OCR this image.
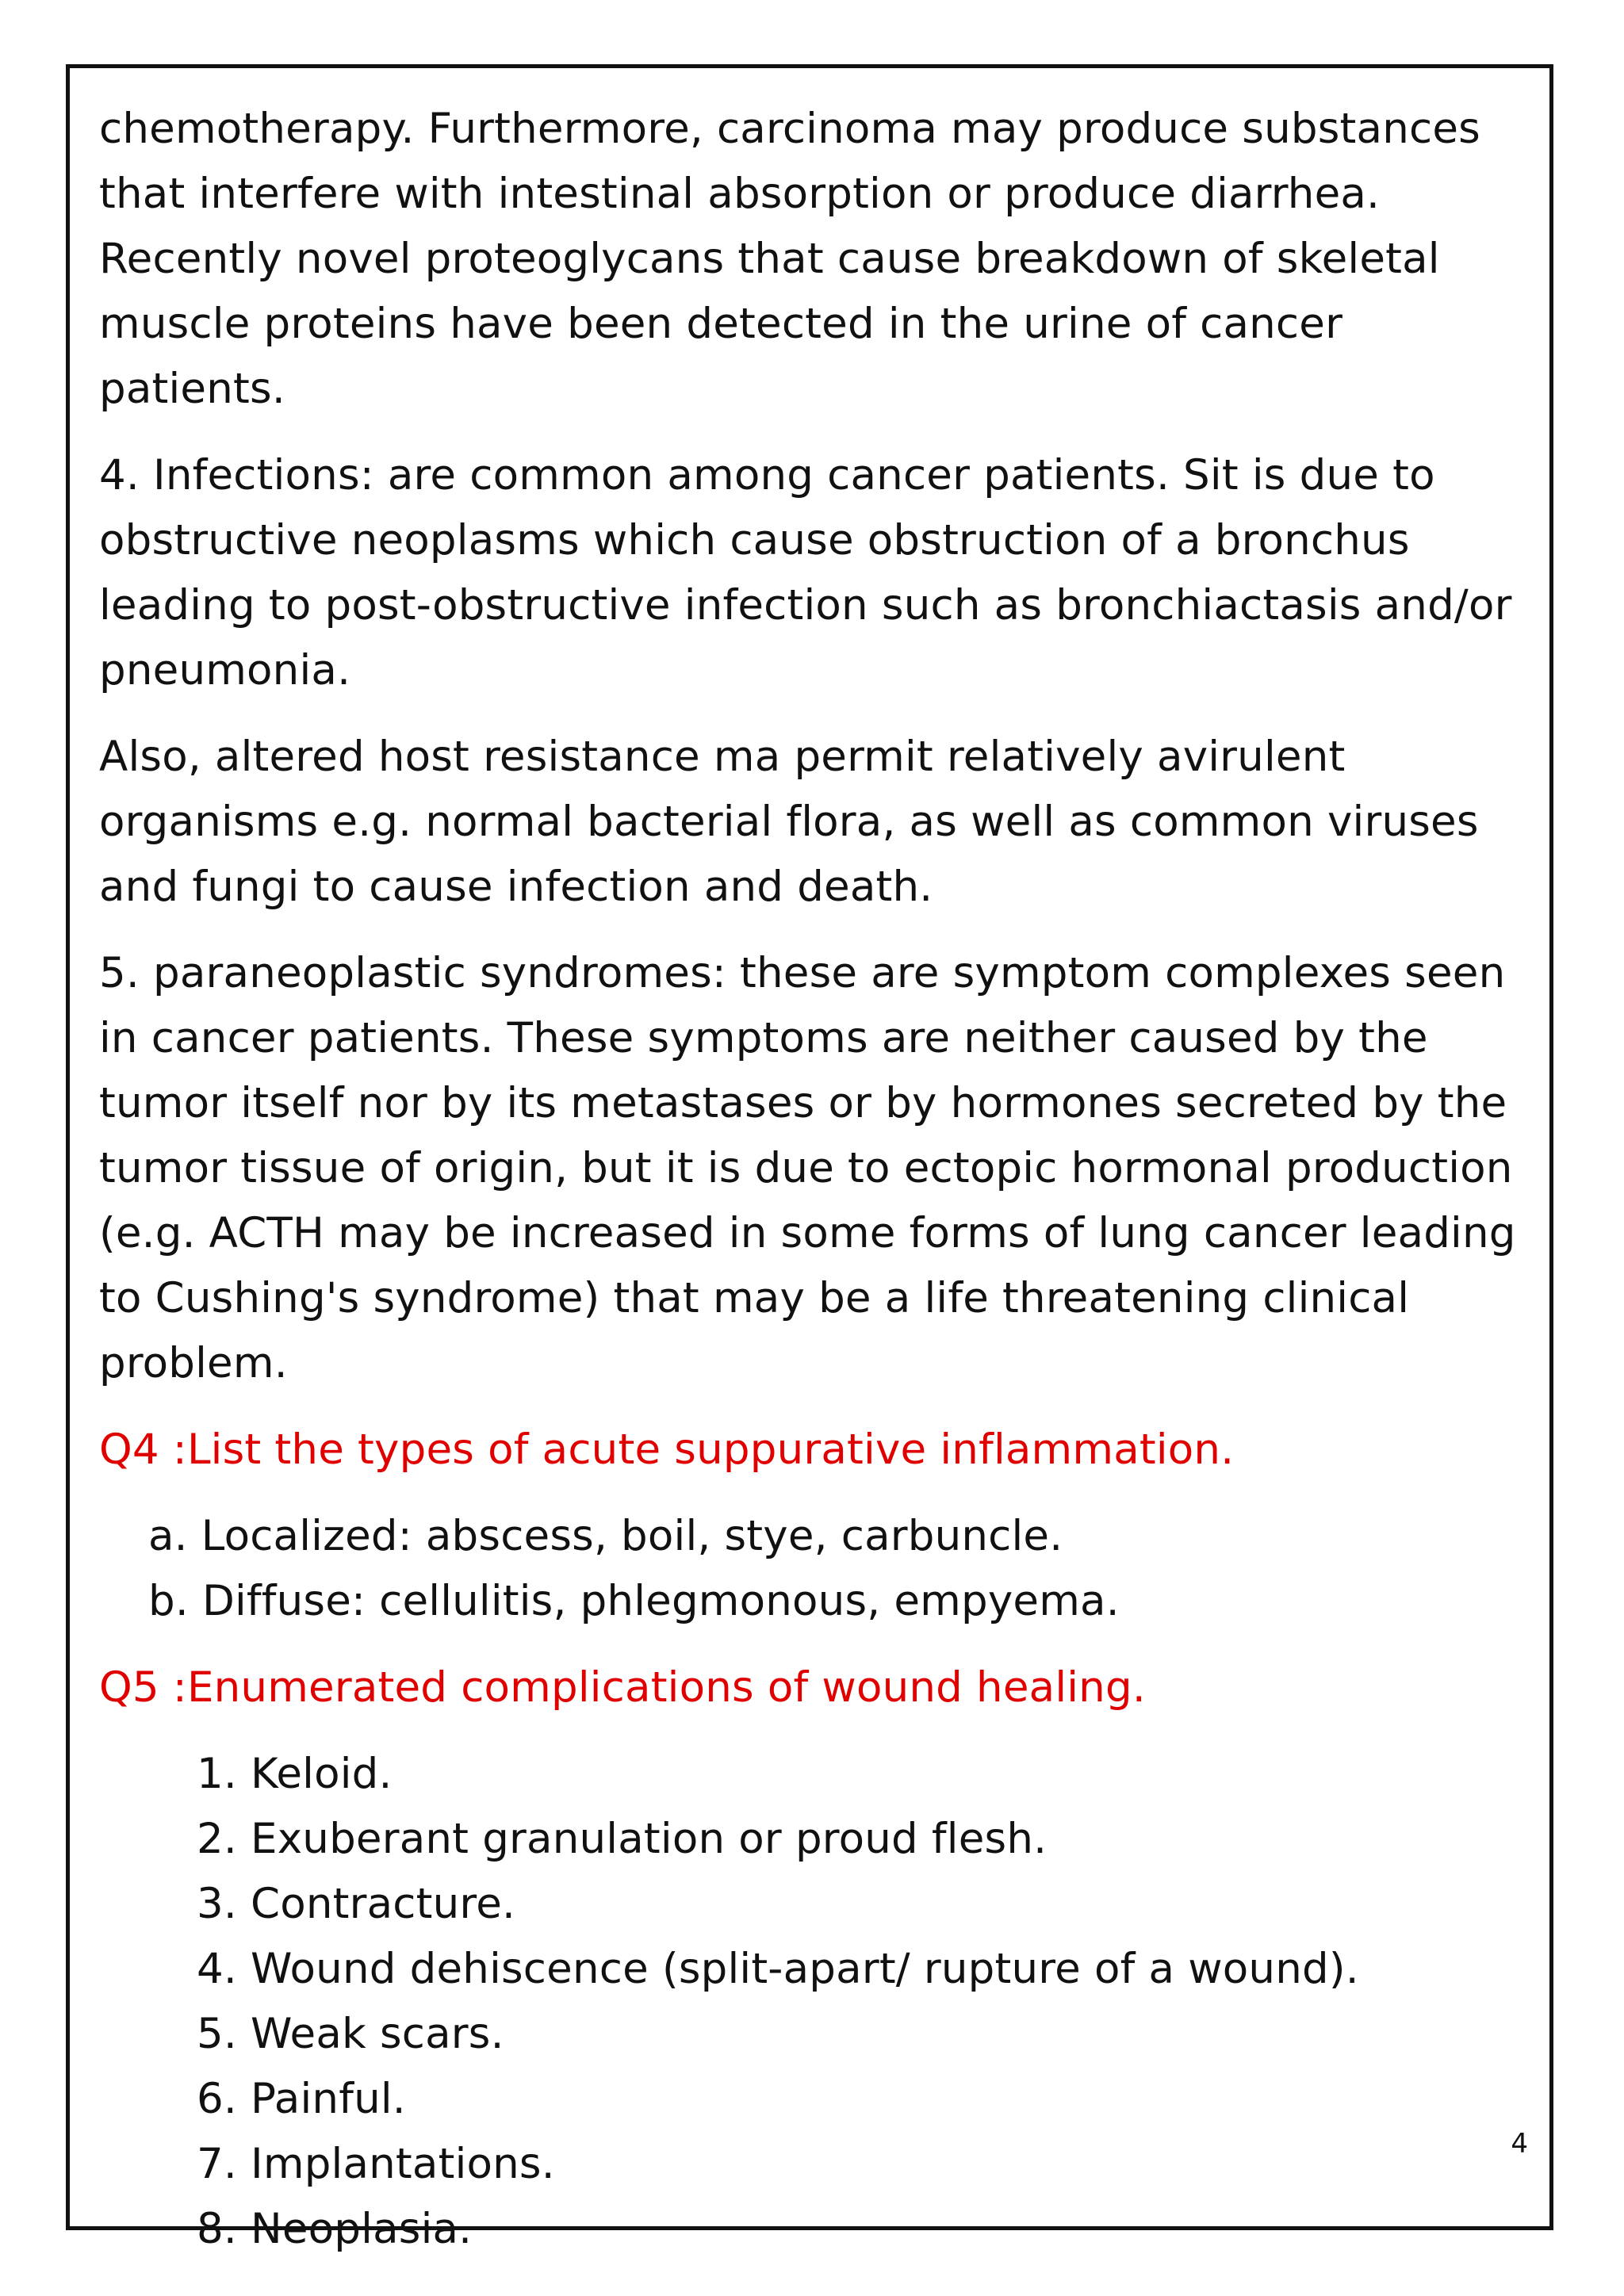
chemotherapy. Furthermore, carcinoma may produce substances that interfere with intestinal absorption or produce diarrhea. Recently novel proteoglycans that cause breakdown of skeletal muscle proteins have been detected in the urine of cancer patients.

4. Infections: are common among cancer patients. Sit is due to obstructive neoplasms which cause obstruction of a bronchus leading to post-obstructive infection such as bronchiactasis and/or pneumonia.

Also, altered host resistance ma permit relatively avirulent organisms e.g. normal bacterial flora, as well as common viruses and fungi to cause infection and death.

5. paraneoplastic syndromes: these are symptom complexes seen in cancer patients. These symptoms are neither caused by the tumor itself nor by its metastases or by hormones secreted by the tumor tissue of origin, but it is due to ectopic hormonal production (e.g. ACTH may be increased in some forms of lung cancer leading to Cushing's syndrome) that may be a life threatening clinical problem.

Q4 :List the types of acute suppurative inflammation.

a. Localized: abscess, boil, stye, carbuncle.
b. Diffuse: cellulitis, phlegmonous, empyema.

Q5 :Enumerated complications of wound healing.

1. Keloid.
2. Exuberant granulation or proud flesh.
3. Contracture.
4. Wound dehiscence (split-apart/ rupture of a wound).
5. Weak scars.
6. Painful.
7. Implantations.
8. Neoplasia.
4
